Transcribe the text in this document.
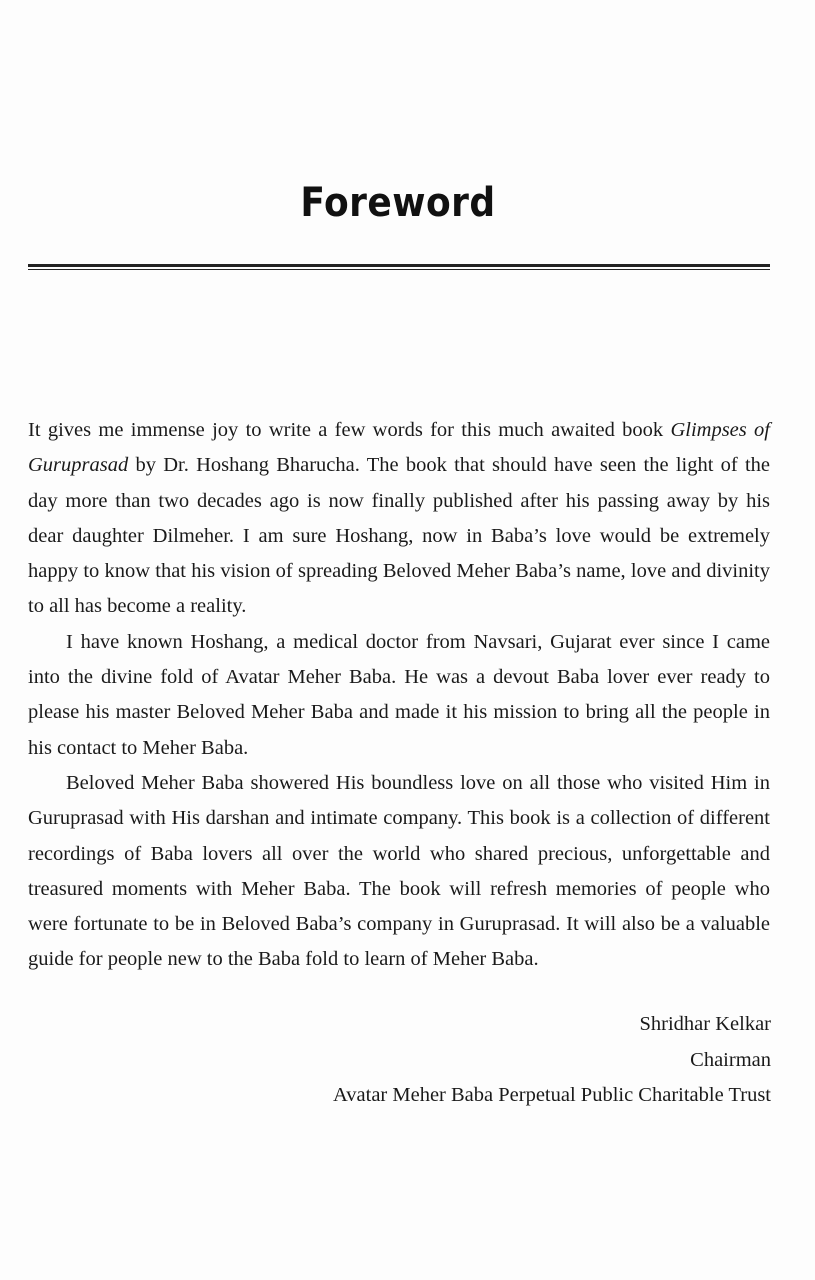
Foreword

It gives me immense joy to write a few words for this much awaited book Glimpses of Guruprasad by Dr. Hoshang Bharucha. The book that should have seen the light of the day more than two decades ago is now finally published after his passing away by his dear daughter Dilmeher. I am sure Hoshang, now in Baba’s love would be extremely happy to know that his vision of spreading Beloved Meher Baba’s name, love and divinity to all has become a reality.

I have known Hoshang, a medical doctor from Navsari, Gujarat ever since I came into the divine fold of Avatar Meher Baba. He was a devout Baba lover ever ready to please his master Beloved Meher Baba and made it his mission to bring all the people in his contact to Meher Baba.

Beloved Meher Baba showered His boundless love on all those who visited Him in Guruprasad with His darshan and intimate company. This book is a collection of different recordings of Baba lovers all over the world who shared precious, unforgettable and treasured moments with Meher Baba. The book will refresh memories of people who were fortunate to be in Beloved Baba’s company in Guruprasad. It will also be a valuable guide for people new to the Baba fold to learn of Meher Baba.

Shridhar Kelkar
Chairman
Avatar Meher Baba Perpetual Public Charitable Trust
